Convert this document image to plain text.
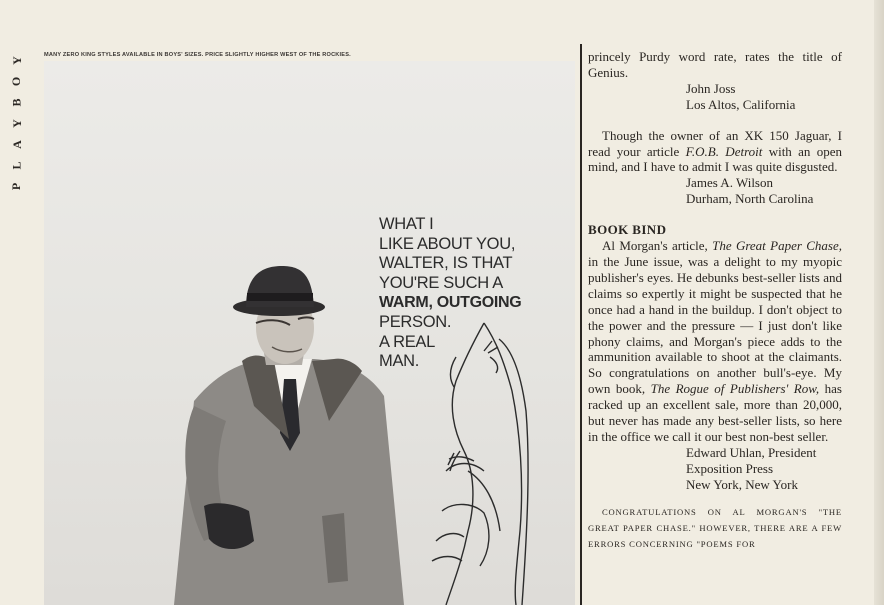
Y
O
B
Y
A
L
P
MANY ZERO KING STYLES AVAILABLE IN BOYS' SIZES. PRICE SLIGHTLY HIGHER WEST OF THE ROCKIES.
WHAT I
LIKE ABOUT YOU,
WALTER, IS THAT
YOU'RE SUCH A
WARM, OUTGOING
PERSON.
A REAL
MAN.

princely Purdy word rate, rates the title of Genius.

John Joss

Los Altos, California

Though the owner of an XK 150 Jaguar, I read your article F.O.B. Detroit with an open mind, and I have to admit I was quite disgusted.

James A. Wilson

Durham, North Carolina

BOOK BIND

Al Morgan's article, The Great Paper Chase, in the June issue, was a delight to my myopic publisher's eyes. He debunks best-seller lists and claims so expertly it might be suspected that he once had a hand in the buildup. I don't object to the power and the pressure — I just don't like phony claims, and Morgan's piece adds to the ammunition available to shoot at the claimants. So congratulations on another bull's-eye. My own book, The Rogue of Publishers' Row, has racked up an excellent sale, more than 20,000, but never has made any best-seller lists, so here in the office we call it our best non-best seller.

Edward Uhlan, President

Exposition Press

New York, New York

CONGRATULATIONS ON AL MORGAN'S "THE GREAT PAPER CHASE." HOWEVER, THERE ARE A FEW ERRORS CONCERNING "POEMS FOR
